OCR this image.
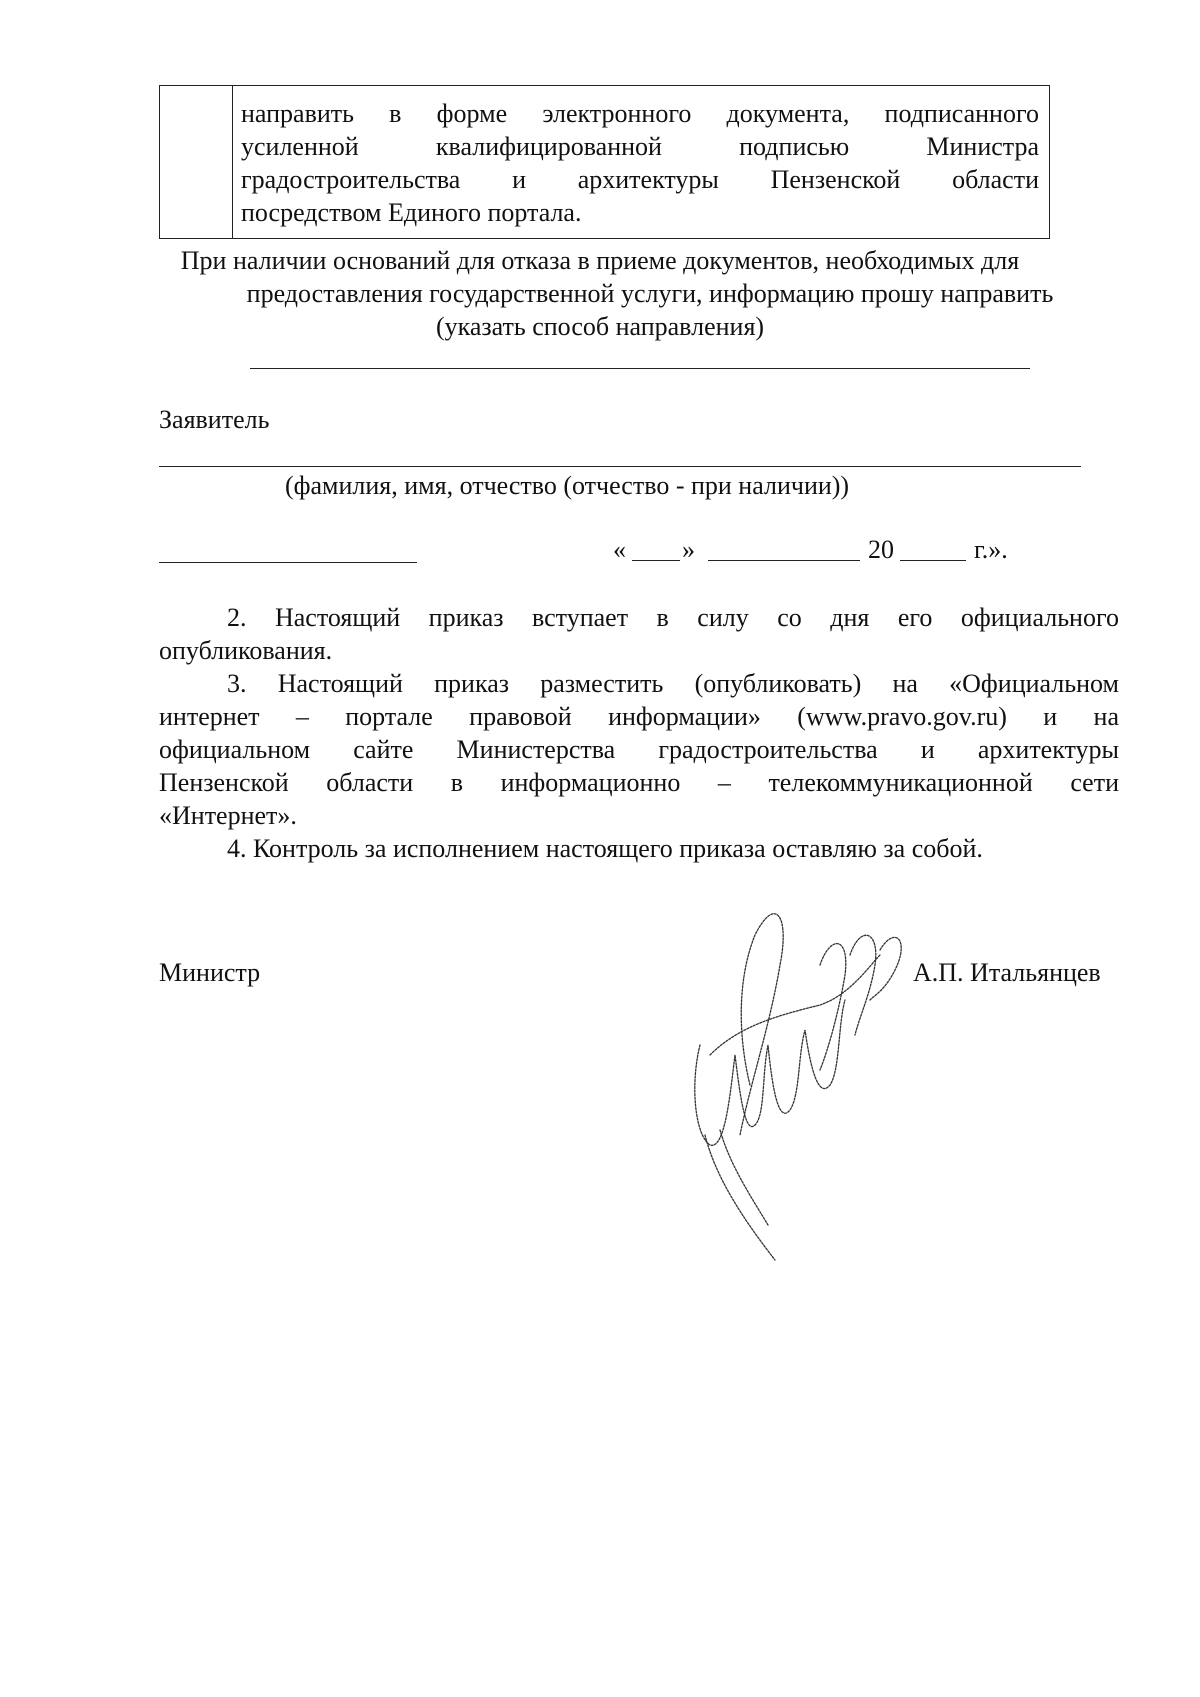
направить в форме электронного документа, подписанного
усиленной квалифицированной подписью Министра
градостроительства и архитектуры Пензенской области
посредством Единого портала.
При наличии оснований для отказа в приеме документов, необходимых для
предоставления государственной услуги, информацию прошу направить
(указать способ направления)
Заявитель
(фамилия, имя, отчество (отчество - при наличии))
« »	20	г.».
2. Настоящий приказ вступает в силу со дня его официального
опубликования.
3. Настоящий приказ разместить (опубликовать) на «Официальном
интернет – портале правовой информации» (www.pravo.gov.ru) и на
официальном сайте Министерства градостроительства и архитектуры
Пензенской области в информационно – телекоммуникационной сети
«Интернет».
4. Контроль за исполнением настоящего приказа оставляю за собой.
Министр	А.П. Итальянцев
